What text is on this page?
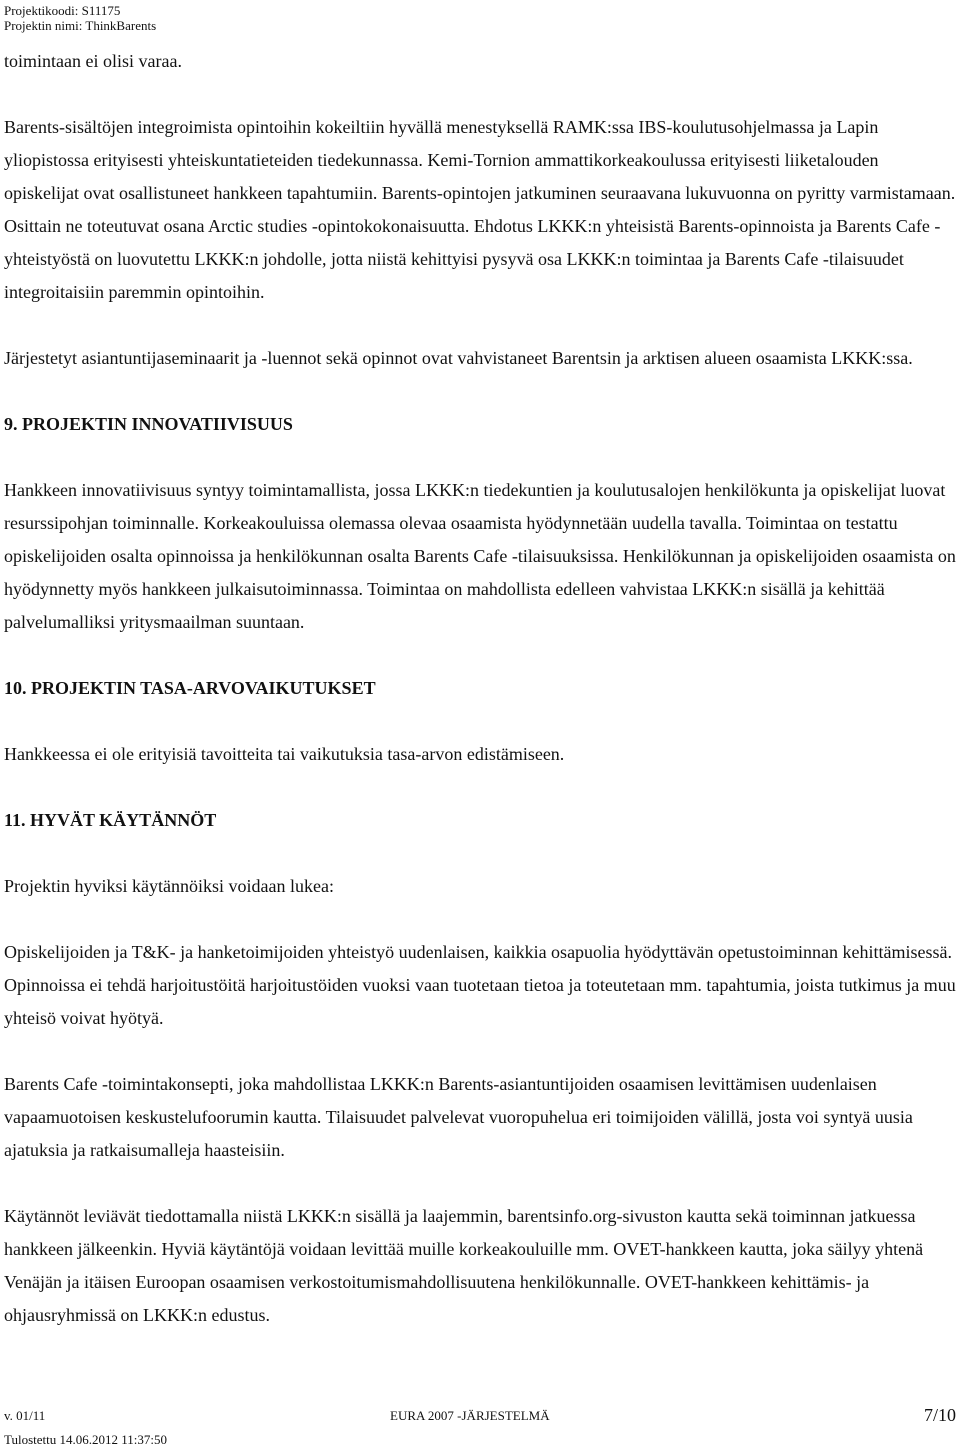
Projektikoodi: S11175
Projektin nimi: ThinkBarents

toimintaan ei olisi varaa.

Barents-sisältöjen integroimista opintoihin kokeiltiin hyvällä menestyksellä RAMK:ssa IBS-koulutusohjelmassa ja Lapin yliopistossa erityisesti yhteiskuntatieteiden tiedekunnassa. Kemi-Tornion ammattikorkeakoulussa erityisesti liiketalouden opiskelijat ovat osallistuneet hankkeen tapahtumiin. Barents-opintojen jatkuminen seuraavana lukuvuonna on pyritty varmistamaan. Osittain ne toteutuvat osana Arctic studies -opintokokonaisuutta. Ehdotus LKKK:n yhteisistä Barents-opinnoista ja Barents Cafe -yhteistyöstä on luovutettu LKKK:n johdolle, jotta niistä kehittyisi pysyvä osa LKKK:n toimintaa ja Barents Cafe -tilaisuudet integroitaisiin paremmin opintoihin.

Järjestetyt asiantuntijaseminaarit ja -luennot sekä opinnot ovat vahvistaneet Barentsin ja arktisen alueen osaamista LKKK:ssa.

9. PROJEKTIN INNOVATIIVISUUS

Hankkeen innovatiivisuus syntyy toimintamallista, jossa LKKK:n tiedekuntien ja koulutusalojen henkilökunta ja opiskelijat luovat resurssipohjan toiminnalle. Korkeakouluissa olemassa olevaa osaamista hyödynnetään uudella tavalla. Toimintaa on testattu opiskelijoiden osalta opinnoissa ja henkilökunnan osalta Barents Cafe -tilaisuuksissa. Henkilökunnan ja opiskelijoiden osaamista on hyödynnetty myös hankkeen julkaisutoiminnassa. Toimintaa on mahdollista edelleen vahvistaa LKKK:n sisällä ja kehittää palvelumalliksi yritysmaailman suuntaan.

10. PROJEKTIN TASA-ARVOVAIKUTUKSET

Hankkeessa ei ole erityisiä tavoitteita tai vaikutuksia tasa-arvon edistämiseen.

11. HYVÄT KÄYTÄNNÖT

Projektin hyviksi käytännöiksi voidaan lukea:

Opiskelijoiden ja T&K- ja hanketoimijoiden yhteistyö uudenlaisen, kaikkia osapuolia hyödyttävän opetustoiminnan kehittämisessä. Opinnoissa ei tehdä harjoitustöitä harjoitustöiden vuoksi vaan tuotetaan tietoa ja toteutetaan mm. tapahtumia, joista tutkimus ja muu yhteisö voivat hyötyä.

Barents Cafe -toimintakonsepti, joka mahdollistaa LKKK:n Barents-asiantuntijoiden osaamisen levittämisen uudenlaisen vapaamuotoisen keskustelufoorumin kautta. Tilaisuudet palvelevat vuoropuhelua eri toimijoiden välillä, josta voi syntyä uusia ajatuksia ja ratkaisumalleja haasteisiin.

Käytännöt leviävät tiedottamalla niistä LKKK:n sisällä ja laajemmin, barentsinfo.org-sivuston kautta sekä toiminnan jatkuessa hankkeen jälkeenkin. Hyviä käytäntöjä voidaan levittää muille korkeakouluille mm. OVET-hankkeen kautta, joka säilyy yhtenä Venäjän ja itäisen Euroopan osaamisen verkostoitumismahdollisuutena henkilökunnalle. OVET-hankkeen kehittämis- ja ohjausryhmissä on LKKK:n edustus.

v. 01/11	EURA 2007 -JÄRJESTELMÄ	7/10
Tulostettu 14.06.2012 11:37:50
